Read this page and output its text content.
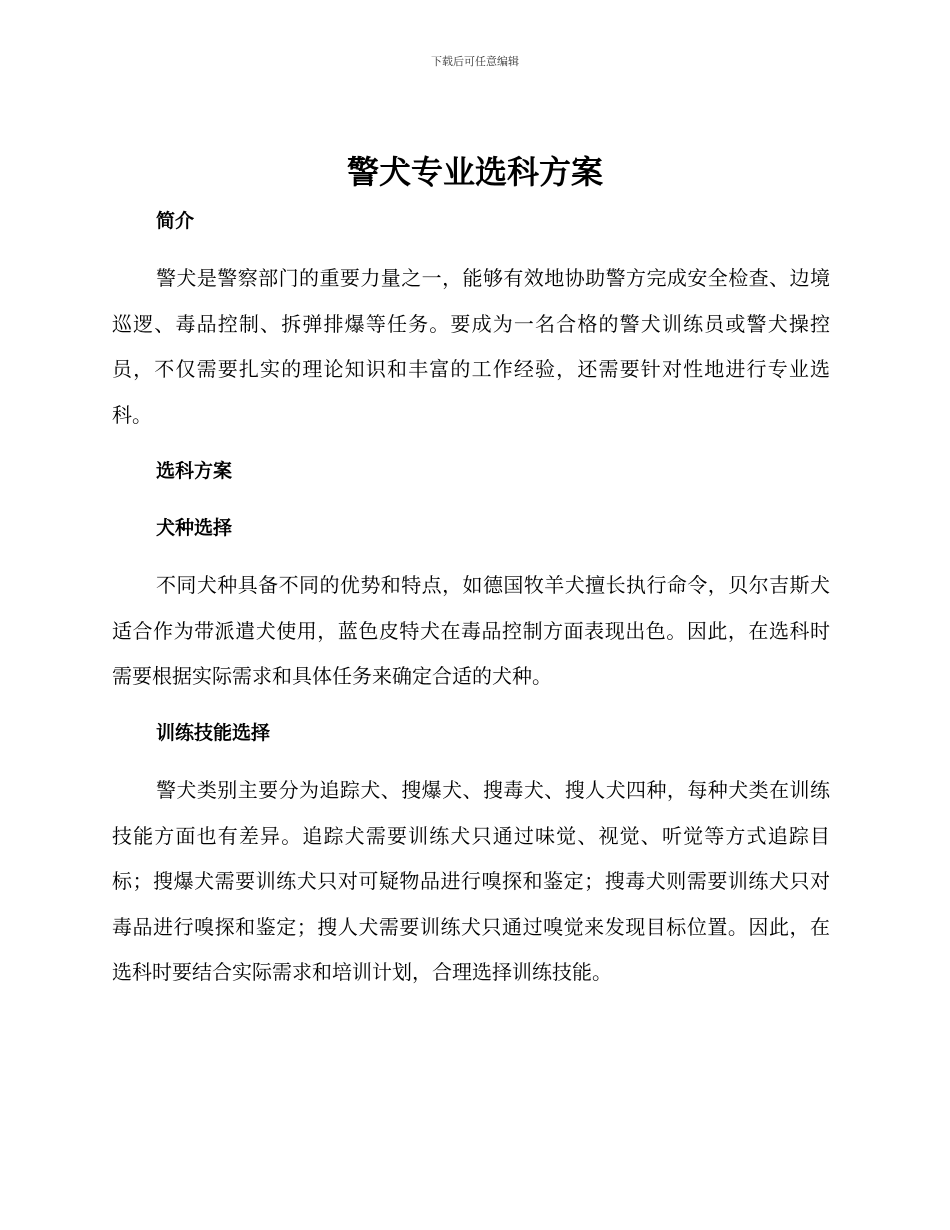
下载后可任意编辑
警犬专业选科方案
简介

警犬是警察部门的重要力量之一，能够有效地协助警方完成安全检查、边境巡逻、毒品控制、拆弹排爆等任务。要成为一名合格的警犬训练员或警犬操控员，不仅需要扎实的理论知识和丰富的工作经验，还需要针对性地进行专业选科。

选科方案
犬种选择

不同犬种具备不同的优势和特点，如德国牧羊犬擅长执行命令，贝尔吉斯犬适合作为带派遣犬使用，蓝色皮特犬在毒品控制方面表现出色。因此，在选科时需要根据实际需求和具体任务来确定合适的犬种。

训练技能选择

警犬类别主要分为追踪犬、搜爆犬、搜毒犬、搜人犬四种，每种犬类在训练技能方面也有差异。追踪犬需要训练犬只通过味觉、视觉、听觉等方式追踪目标；搜爆犬需要训练犬只对可疑物品进行嗅探和鉴定；搜毒犬则需要训练犬只对毒品进行嗅探和鉴定；搜人犬需要训练犬只通过嗅觉来发现目标位置。因此，在选科时要结合实际需求和培训计划，合理选择训练技能。
